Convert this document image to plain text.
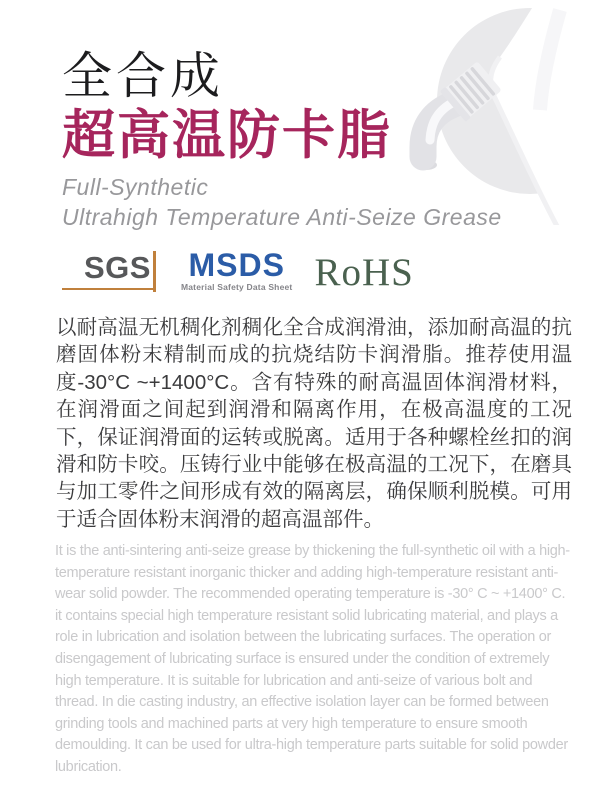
全合成
超高温防卡脂

Full-Synthetic

Ultrahigh Temperature Anti-Seize Grease

SGS MSDS
Material Safety Data Sheet RoHS

以耐高温无机稠化剂稠化全合成润滑油，添加耐高温的抗磨固体粉末精制而成的抗烧结防卡润滑脂。推荐使用温度-30°C ~+1400°C。含有特殊的耐高温固体润滑材料，在润滑面之间起到润滑和隔离作用，在极高温度的工况下，保证润滑面的运转或脱离。适用于各种螺栓丝扣的润滑和防卡咬。压铸行业中能够在极高温的工况下，在磨具与加工零件之间形成有效的隔离层，确保顺利脱模。可用于适合固体粉末润滑的超高温部件。

It is the anti-sintering anti-seize grease by thickening the full-synthetic oil with a high-temperature resistant inorganic thicker and adding high-temperature resistant anti-wear solid powder. The recommended operating temperature is -30° C ~ +1400° C. it contains special high temperature resistant solid lubricating material, and plays a role in lubrication and isolation between the lubricating surfaces. The operation or disengagement of lubricating surface is ensured under the condition of extremely high temperature. It is suitable for lubrication and anti-seize of various bolt and thread. In die casting industry, an effective isolation layer can be formed between grinding tools and machined parts at very high temperature to ensure smooth demoulding. It can be used for ultra-high temperature parts suitable for solid powder lubrication.
